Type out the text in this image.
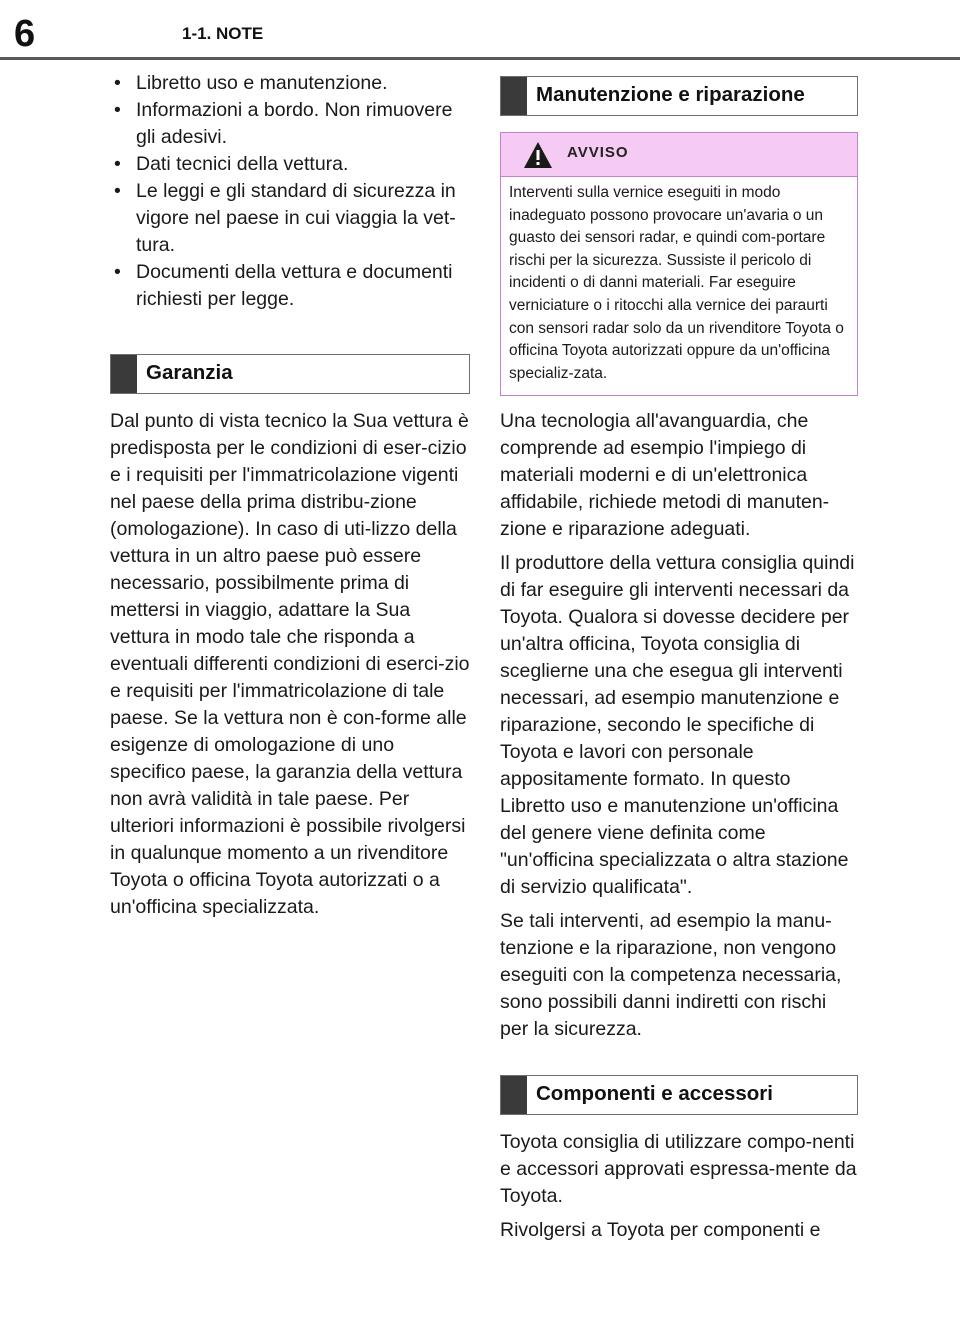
6	1-1. NOTE
• Libretto uso e manutenzione.
• Informazioni a bordo. Non rimuovere gli adesivi.
• Dati tecnici della vettura.
• Le leggi e gli standard di sicurezza in vigore nel paese in cui viaggia la vet-tura.
• Documenti della vettura e documenti richiesti per legge.
Garanzia

Dal punto di vista tecnico la Sua vettura è predisposta per le condizioni di eser-cizio e i requisiti per l'immatricolazione vigenti nel paese della prima distribu-zione (omologazione). In caso di uti-lizzo della vettura in un altro paese può essere necessario, possibilmente prima di mettersi in viaggio, adattare la Sua vettura in modo tale che risponda a eventuali differenti condizioni di eserci-zio e requisiti per l'immatricolazione di tale paese. Se la vettura non è con-forme alle esigenze di omologazione di uno specifico paese, la garanzia della vettura non avrà validità in tale paese. Per ulteriori informazioni è possibile rivolgersi in qualunque momento a un rivenditore Toyota o officina Toyota autorizzati o a un'officina specializzata.

Manutenzione e riparazione
AVVISO
Interventi sulla vernice eseguiti in modo inadeguato possono provocare un'avaria o un guasto dei sensori radar, e quindi com-portare rischi per la sicurezza. Sussiste il pericolo di incidenti o di danni materiali. Far eseguire verniciature o i ritocchi alla vernice dei paraurti con sensori radar solo da un rivenditore Toyota o officina Toyota autorizzati oppure da un'officina specializ-zata.

Una tecnologia all'avanguardia, che comprende ad esempio l'impiego di materiali moderni e di un'elettronica affidabile, richiede metodi di manuten-zione e riparazione adeguati.

Il produttore della vettura consiglia quindi di far eseguire gli interventi necessari da Toyota. Qualora si dovesse decidere per un'altra officina, Toyota consiglia di sceglierne una che esegua gli interventi necessari, ad esempio manutenzione e riparazione, secondo le specifiche di Toyota e lavori con personale appositamente formato. In questo Libretto uso e manutenzione un'officina del genere viene definita come "un'officina specializzata o altra stazione di servizio qualificata".

Se tali interventi, ad esempio la manu-tenzione e la riparazione, non vengono eseguiti con la competenza necessaria, sono possibili danni indiretti con rischi per la sicurezza.

Componenti e accessori

Toyota consiglia di utilizzare compo-nenti e accessori approvati espressa-mente da Toyota.

Rivolgersi a Toyota per componenti e
